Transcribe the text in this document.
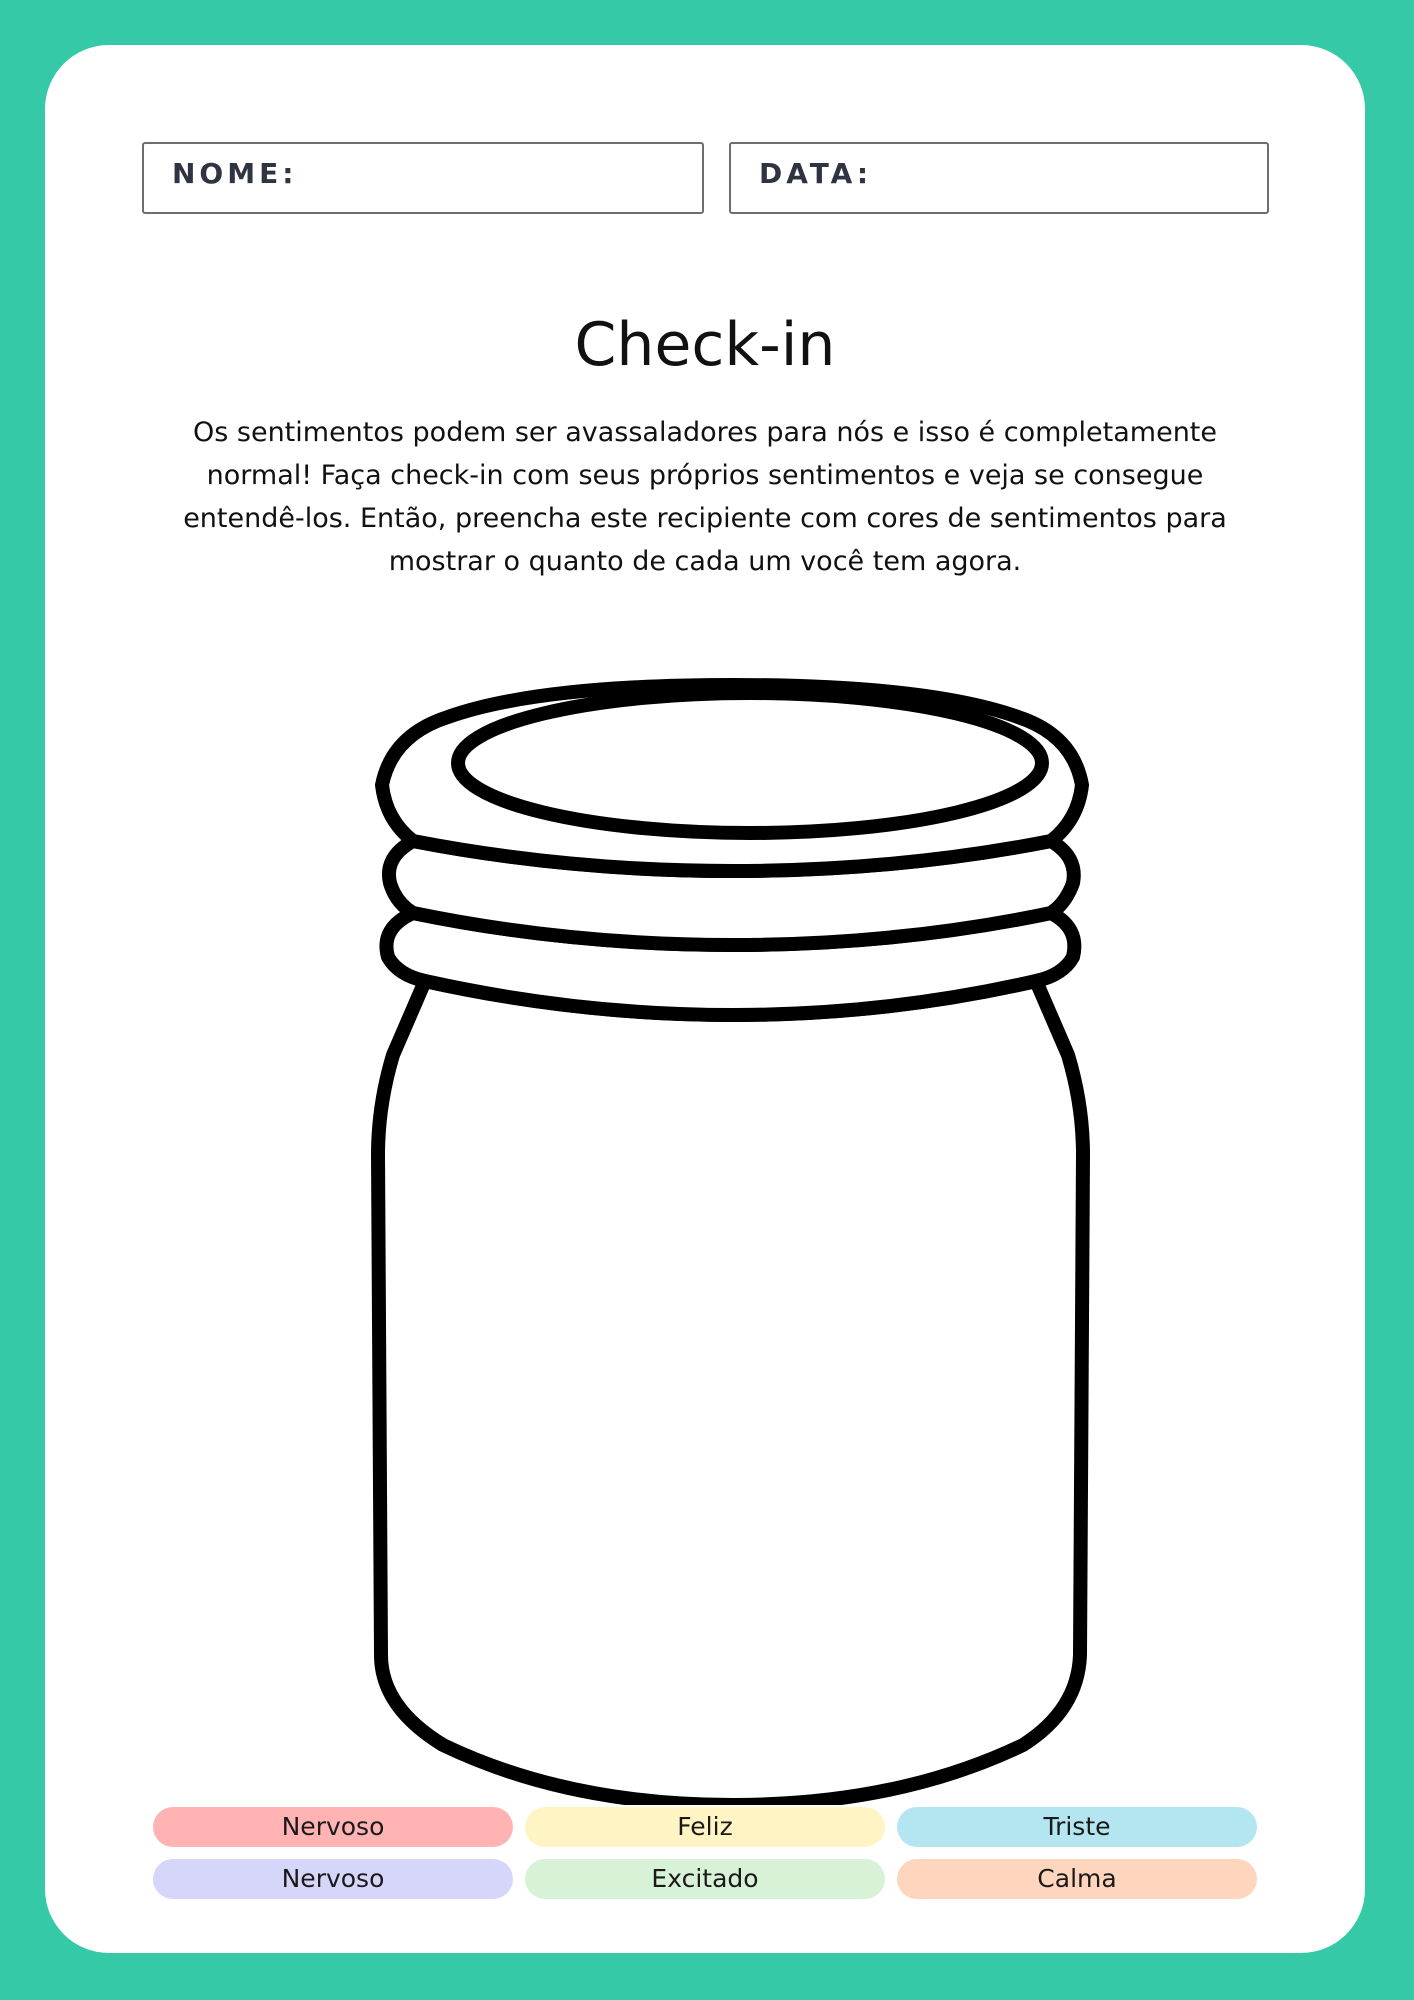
NOME:	DATA:
Check-in

Os sentimentos podem ser avassaladores para nós e isso é completamente normal! Faça check-in com seus próprios sentimentos e veja se consegue entendê-los. Então, preencha este recipiente com cores de sentimentos para mostrar o quanto de cada um você tem agora.

Nervoso	Feliz	Triste
Nervoso	Excitado	Calma
